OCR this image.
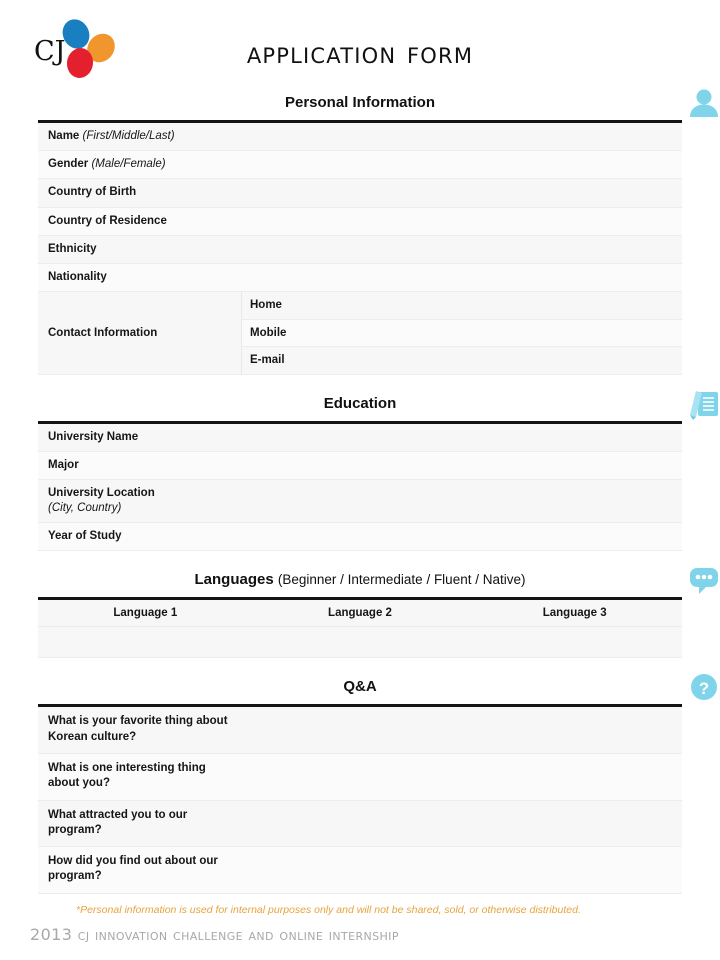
CJ	application form
Personal Information
Name (First/Middle/Last)
Gender (Male/Female)
Country of Birth
Country of Residence
Ethnicity
Nationality
Contact Information
Home
Mobile
E-mail
Education
University Name
Major
University Location
(City, Country)
Year of Study
Languages (Beginner / Intermediate / Fluent / Native)
Language 1	Language 2	Language 3
Q&A	?
What is your favorite thing about
Korean culture?
What is one interesting thing
about you?
What attracted you to our
program?
How did you find out about our
program?
*Personal information is used for internal purposes only and will not be shared, sold, or otherwise distributed.
2013 cj innovation challenge and online internship
